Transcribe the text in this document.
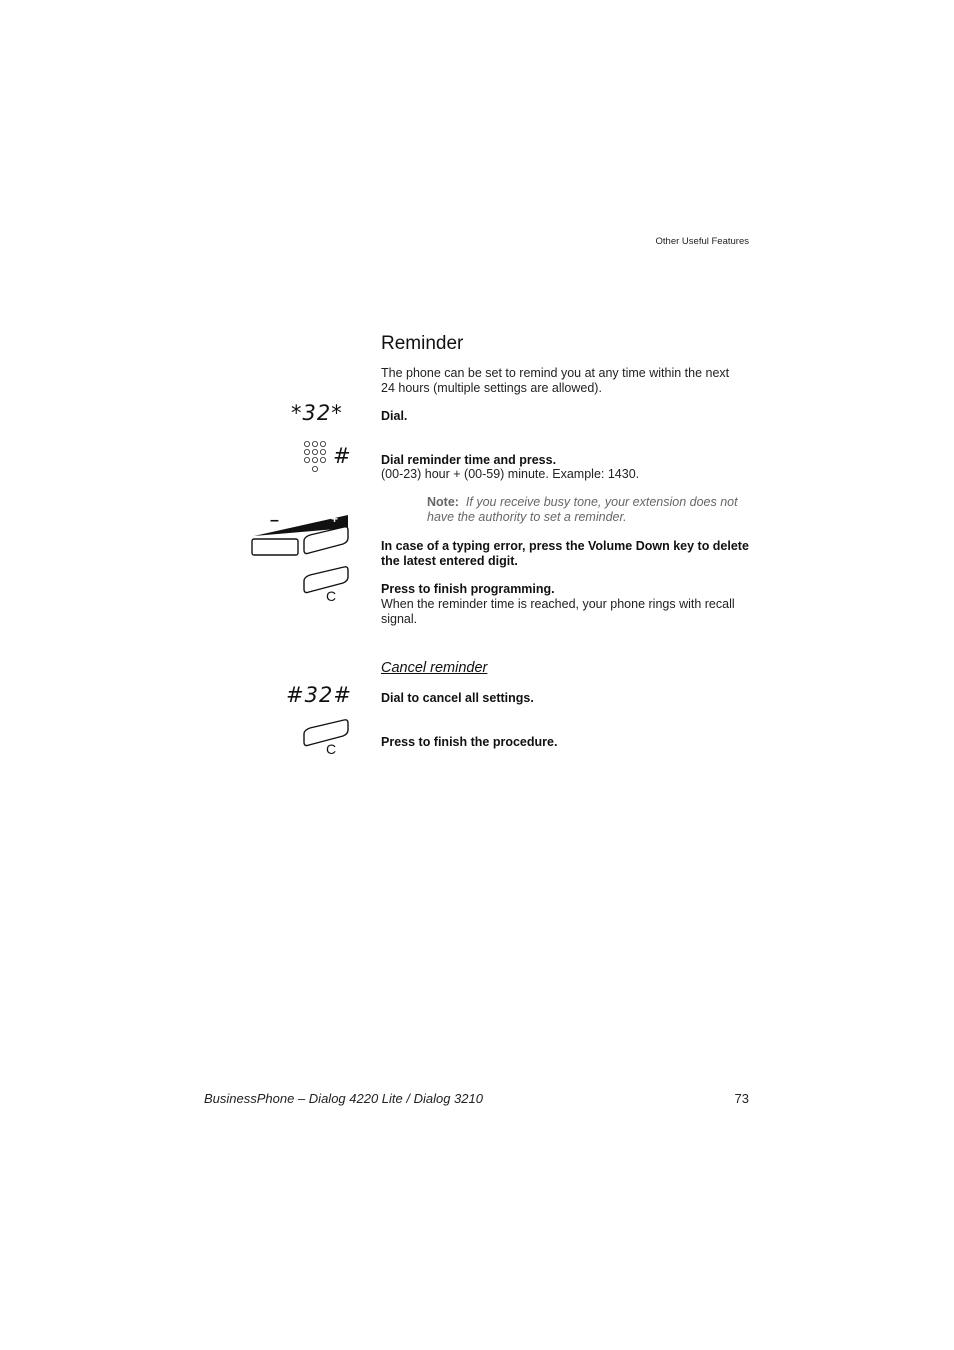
Other Useful Features
Reminder
The phone can be set to remind you at any time within the next 24 hours (multiple settings are allowed).
*32*	Dial.
# Dial reminder time and press.
(00-23) hour + (00-59) minute. Example: 1430.
Note: If you receive busy tone, your extension does not have the authority to set a reminder.
–	+
In case of a typing error, press the Volume Down key to delete the latest entered digit.
C	Press to finish programming.
When the reminder time is reached, your phone rings with recall signal.
Cancel reminder
#32# Dial to cancel all settings.
C	Press to finish the procedure.
BusinessPhone – Dialog 4220 Lite / Dialog 3210	73
